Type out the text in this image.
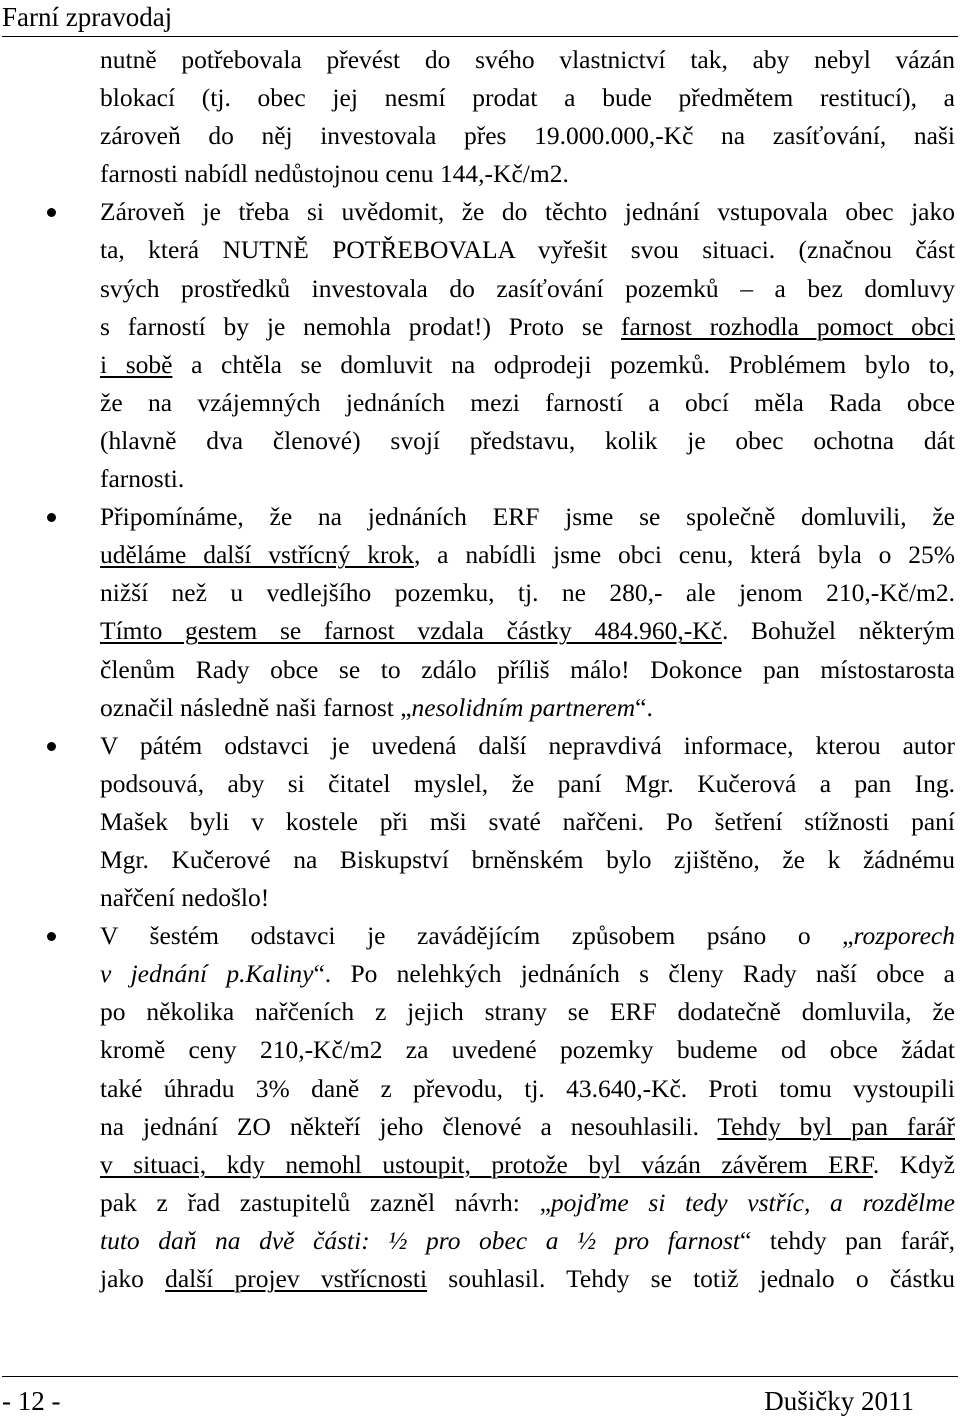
Farní zpravodaj
nutně potřebovala převést do svého vlastnictví tak, aby nebyl vázán
blokací (tj. obec jej nesmí prodat a bude předmětem restitucí), a
zároveň do něj investovala přes 19.000.000,-Kč na zasíťování, naši
farnosti nabídl nedůstojnou cenu 144,-Kč/m2.
Zároveň je třeba si uvědomit, že do těchto jednání vstupovala obec jako
ta, která NUTNĚ POTŘEBOVALA vyřešit svou situaci. (značnou část
svých prostředků investovala do zasíťování pozemků – a bez domluvy
s farností by je nemohla prodat!) Proto se farnost rozhodla pomoct obci
i sobě a chtěla se domluvit na odprodeji pozemků. Problémem bylo to,
že na vzájemných jednáních mezi farností a obcí měla Rada obce
(hlavně dva členové) svojí představu, kolik je obec ochotna dát
farnosti.
Připomínáme, že na jednáních ERF jsme se společně domluvili, že
uděláme další vstřícný krok, a nabídli jsme obci cenu, která byla o 25%
nižší než u vedlejšího pozemku, tj. ne 280,- ale jenom 210,-Kč/m2.
Tímto gestem se farnost vzdala částky 484.960,-Kč. Bohužel některým
členům Rady obce se to zdálo příliš málo! Dokonce pan místostarosta
označil následně naši farnost „nesolidním partnerem“.
V pátém odstavci je uvedená další nepravdivá informace, kterou autor
podsouvá, aby si čitatel myslel, že paní Mgr. Kučerová a pan Ing.
Mašek byli v kostele při mši svaté nařčeni. Po šetření stížnosti paní
Mgr. Kučerové na Biskupství brněnském bylo zjištěno, že k žádnému
nařčení nedošlo!
V šestém odstavci je zavádějícím způsobem psáno o „rozporech
v jednání p.Kaliny“. Po nelehkých jednáních s členy Rady naší obce a
po několika nařčeních z jejich strany se ERF dodatečně domluvila, že
kromě ceny 210,-Kč/m2 za uvedené pozemky budeme od obce žádat
také úhradu 3% daně z převodu, tj. 43.640,-Kč. Proti tomu vystoupili
na jednání ZO někteří jeho členové a nesouhlasili. Tehdy byl pan farář
v situaci, kdy nemohl ustoupit, protože byl vázán závěrem ERF. Když
pak z řad zastupitelů zazněl návrh: „pojďme si tedy vstříc, a rozdělme
tuto daň na dvě části: ½ pro obec a ½ pro farnost“ tehdy pan farář,
jako další projev vstřícnosti souhlasil. Tehdy se totiž jednalo o částku
- 12 -	Dušičky 2011
